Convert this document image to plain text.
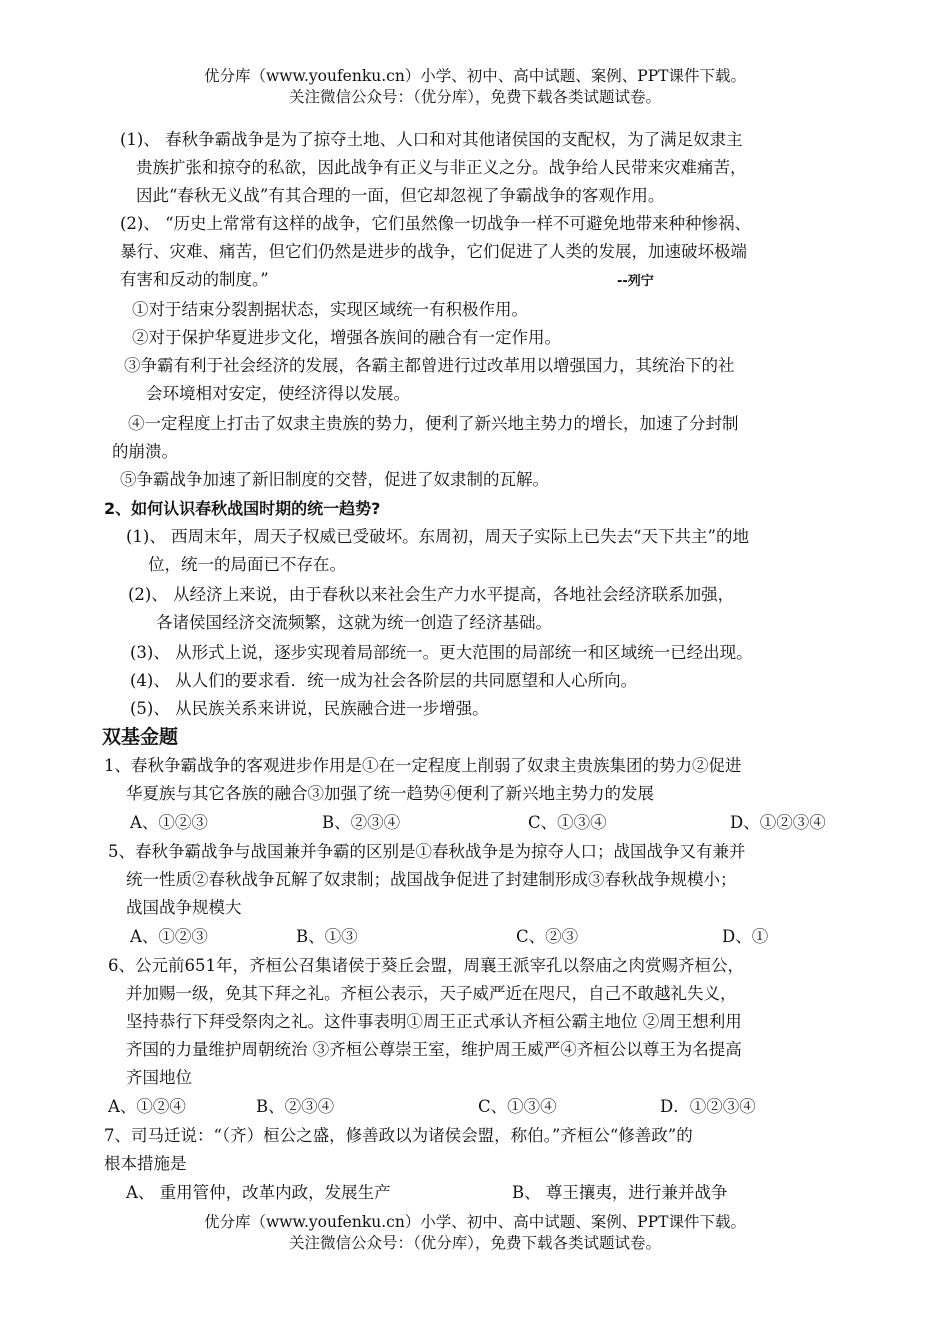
优分库（www.youfenku.cn）小学、初中、高中试题、案例、PPT课件下载。
关注微信公众号：（优分库），免费下载各类试题试卷。
(1)、 春秋争霸战争是为了掠夺土地、人口和对其他诸侯国的支配权，为了满足奴隶主
贵族扩张和掠夺的私欲，因此战争有正义与非正义之分。战争给人民带来灾难痛苦，
因此“春秋无义战”有其合理的一面，但它却忽视了争霸战争的客观作用。
(2)、 “历史上常常有这样的战争，它们虽然像一切战争一样不可避免地带来种种惨祸、
暴行、灾难、痛苦，但它们仍然是进步的战争，它们促进了人类的发展，加速破坏极端
有害和反动的制度。”	--列宁
①对于结束分裂割据状态，实现区域统一有积极作用。
②对于保护华夏进步文化，增强各族间的融合有一定作用。
③争霸有利于社会经济的发展，各霸主都曾进行过改革用以增强国力，其统治下的社
会环境相对安定，使经济得以发展。
④一定程度上打击了奴隶主贵族的势力，便利了新兴地主势力的增长，加速了分封制
的崩溃。
⑤争霸战争加速了新旧制度的交替，促进了奴隶制的瓦解。
2、如何认识春秋战国时期的统一趋势?
(1)、 西周末年，周天子权威已受破坏。东周初，周天子实际上已失去“天下共主”的地
位，统一的局面已不存在。
(2)、 从经济上来说，由于春秋以来社会生产力水平提高，各地社会经济联系加强，
各诸侯国经济交流频繁，这就为统一创造了经济基础。
(3)、 从形式上说，逐步实现着局部统一。更大范围的局部统一和区域统一已经出现。
(4)、 从人们的要求看．统一成为社会各阶层的共同愿望和人心所向。
(5)、 从民族关系来讲说，民族融合进一步增强。
双基金题
1、春秋争霸战争的客观进步作用是①在一定程度上削弱了奴隶主贵族集团的势力②促进
华夏族与其它各族的融合③加强了统一趋势④便利了新兴地主势力的发展
A、①②③	B、②③④	C、①③④	D、①②③④
5、春秋争霸战争与战国兼并争霸的区别是①春秋战争是为掠夺人口；战国战争又有兼并
统一性质②春秋战争瓦解了奴隶制；战国战争促进了封建制形成③春秋战争规模小；
战国战争规模大
A、①②③	B、①③	C、②③	D、①
6、公元前651年，齐桓公召集诸侯于葵丘会盟，周襄王派宰孔以祭庙之肉赏赐齐桓公，
并加赐一级，免其下拜之礼。齐桓公表示，天子威严近在咫尺，自己不敢越礼失义，
坚持恭行下拜受祭肉之礼。这件事表明①周王正式承认齐桓公霸主地位 ②周王想利用
齐国的力量维护周朝统治 ③齐桓公尊崇王室，维护周王威严④齐桓公以尊王为名提高
齐国地位
A、①②④	B、②③④	C、①③④	D．①②③④
7、司马迁说：“（齐）桓公之盛，修善政以为诸侯会盟，称伯。”齐桓公“修善政”的
根本措施是
A、 重用管仲，改革内政，发展生产	B、 尊王攘夷，进行兼并战争
优分库（www.youfenku.cn）小学、初中、高中试题、案例、PPT课件下载。
关注微信公众号：（优分库），免费下载各类试题试卷。
